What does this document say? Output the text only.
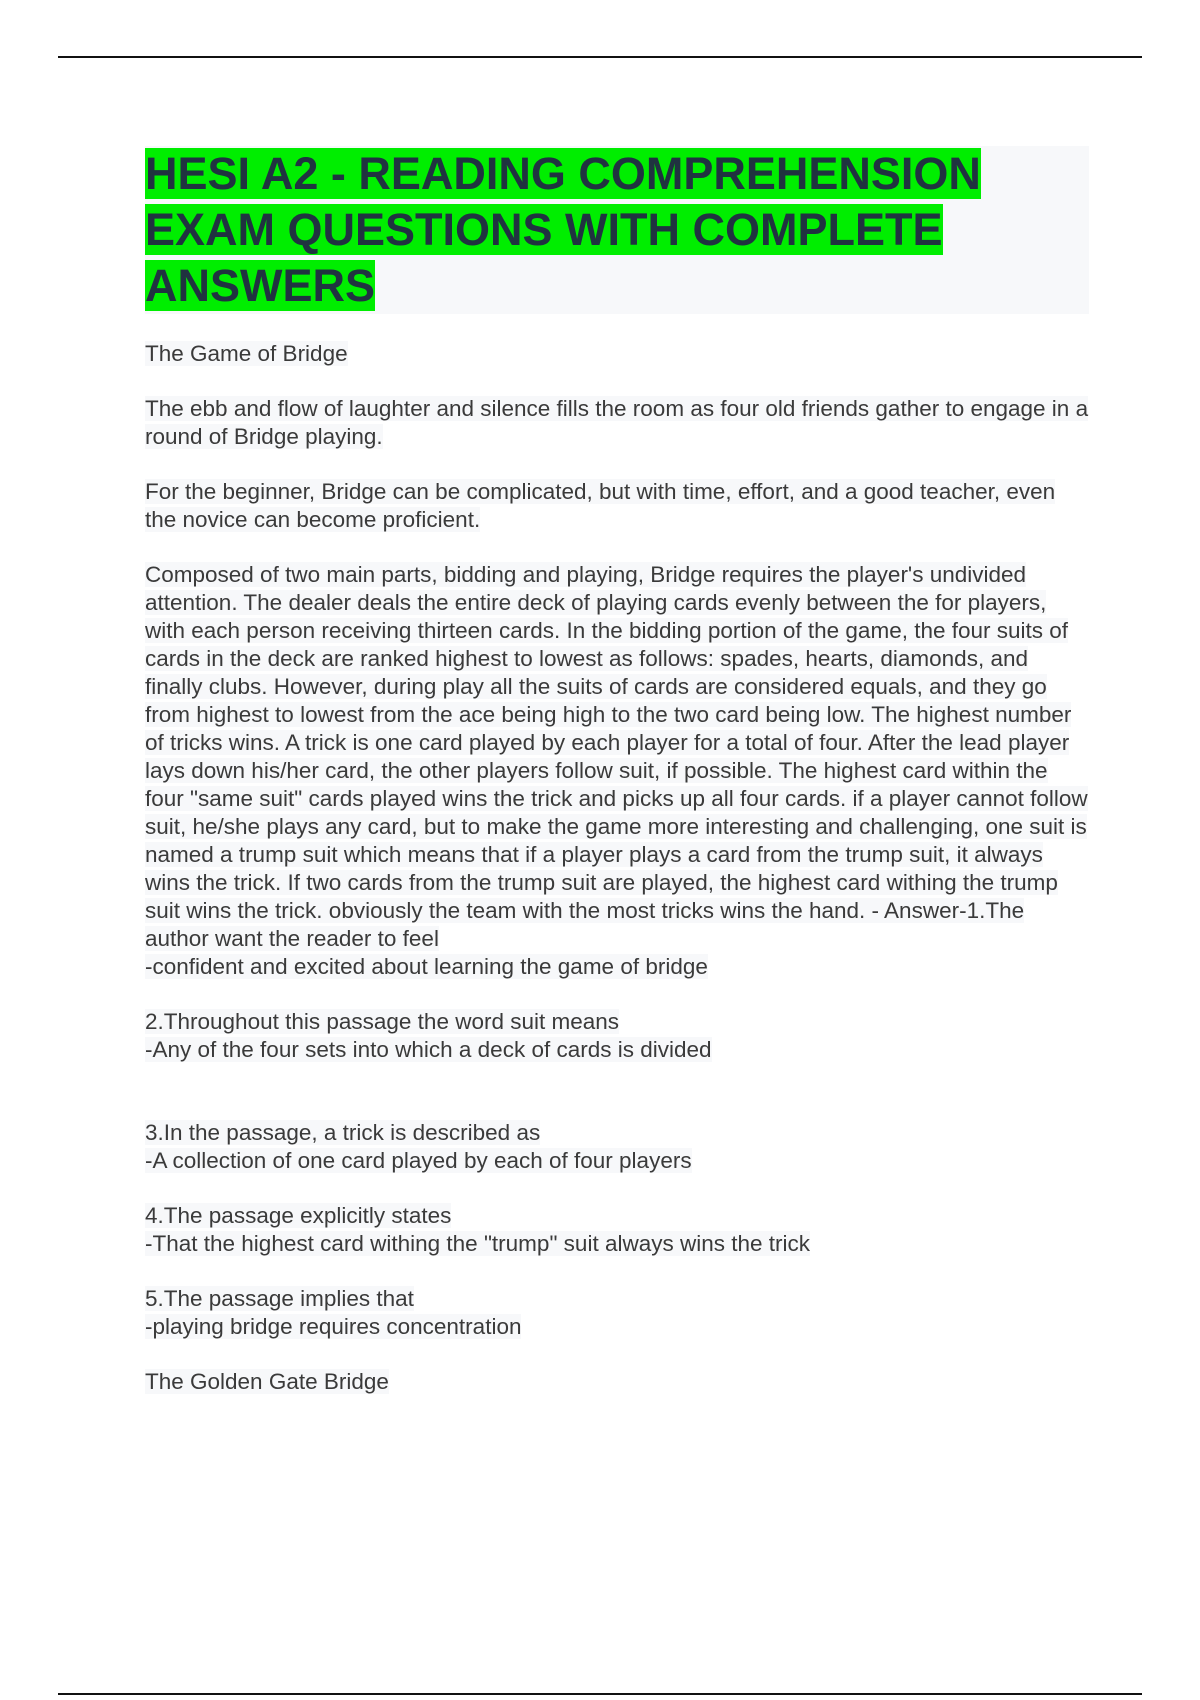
HESI A2 - READING COMPREHENSION EXAM QUESTIONS WITH COMPLETE ANSWERS

The Game of Bridge

The ebb and flow of laughter and silence fills the room as four old friends gather to engage in a round of Bridge playing.

For the beginner, Bridge can be complicated, but with time, effort, and a good teacher, even the novice can become proficient.

Composed of two main parts, bidding and playing, Bridge requires the player's undivided attention. The dealer deals the entire deck of playing cards evenly between the for players, with each person receiving thirteen cards. In the bidding portion of the game, the four suits of cards in the deck are ranked highest to lowest as follows: spades, hearts, diamonds, and finally clubs. However, during play all the suits of cards are considered equals, and they go from highest to lowest from the ace being high to the two card being low. The highest number of tricks wins. A trick is one card played by each player for a total of four. After the lead player lays down his/her card, the other players follow suit, if possible. The highest card within the four "same suit" cards played wins the trick and picks up all four cards. if a player cannot follow suit, he/she plays any card, but to make the game more interesting and challenging, one suit is named a trump suit which means that if a player plays a card from the trump suit, it always wins the trick. If two cards from the trump suit are played, the highest card withing the trump suit wins the trick. obviously the team with the most tricks wins the hand. - Answer-1.The author want the reader to feel
-confident and excited about learning the game of bridge
2.Throughout this passage the word suit means
-Any of the four sets into which a deck of cards is divided
3.In the passage, a trick is described as
-A collection of one card played by each of four players
4.The passage explicitly states
-That the highest card withing the "trump" suit always wins the trick
5.The passage implies that
-playing bridge requires concentration

The Golden Gate Bridge
